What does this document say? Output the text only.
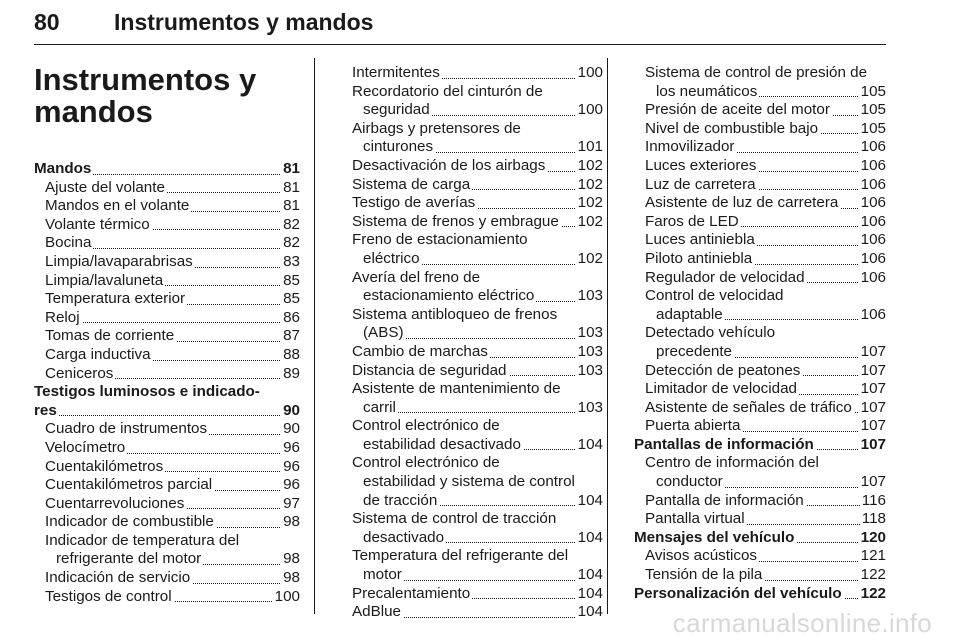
80 Instrumentos y mandos
Instrumentos y
mandos
Mandos	81
Ajuste del volante	81
Mandos en el volante	81
Volante térmico	82
Bocina	82
Limpia/lavaparabrisas	83
Limpia/lavaluneta	85
Temperatura exterior	85
Reloj	86
Tomas de corriente	87
Carga inductiva	88
Ceniceros	89
Testigos luminosos e indicado-
res	90
Cuadro de instrumentos	90
Velocímetro	96
Cuentakilómetros	96
Cuentakilómetros parcial	96
Cuentarrevoluciones	97
Indicador de combustible	98
Indicador de temperatura del
refrigerante del motor	98
Indicación de servicio	98
Testigos de control	100
Intermitentes	100
Recordatorio del cinturón de
seguridad	100
Airbags y pretensores de
cinturones	101
Desactivación de los airbags 102
Sistema de carga	102
Testigo de averías	102
Sistema de frenos y embrague 102
Freno de estacionamiento
eléctrico	102
Avería del freno de
estacionamiento eléctrico	103
Sistema antibloqueo de frenos
(ABS)	103
Cambio de marchas	103
Distancia de seguridad	103
Asistente de mantenimiento de
carril	103
Control electrónico de
estabilidad desactivado	104
Control electrónico de
estabilidad y sistema de control
de tracción	104
Sistema de control de tracción
desactivado	104
Temperatura del refrigerante del
motor	104
Precalentamiento	104
AdBlue	104
Sistema de control de presión de
los neumáticos	105
Presión de aceite del motor 105
Nivel de combustible bajo	105
Inmovilizador	106
Luces exteriores	106
Luz de carretera	106
Asistente de luz de carretera 106
Faros de LED	106
Luces antiniebla	106
Piloto antiniebla	106
Regulador de velocidad	106
Control de velocidad
adaptable	106
Detectado vehículo
precedente	107
Detección de peatones	107
Limitador de velocidad	107
Asistente de señales de tráfico 107
Puerta abierta	107
Pantallas de información	107
Centro de información del
conductor	107
Pantalla de información	116
Pantalla virtual	118
Mensajes del vehículo	120
Avisos acústicos	121
Tensión de la pila	122
Personalización del vehículo 122
carmanualsonline.info
